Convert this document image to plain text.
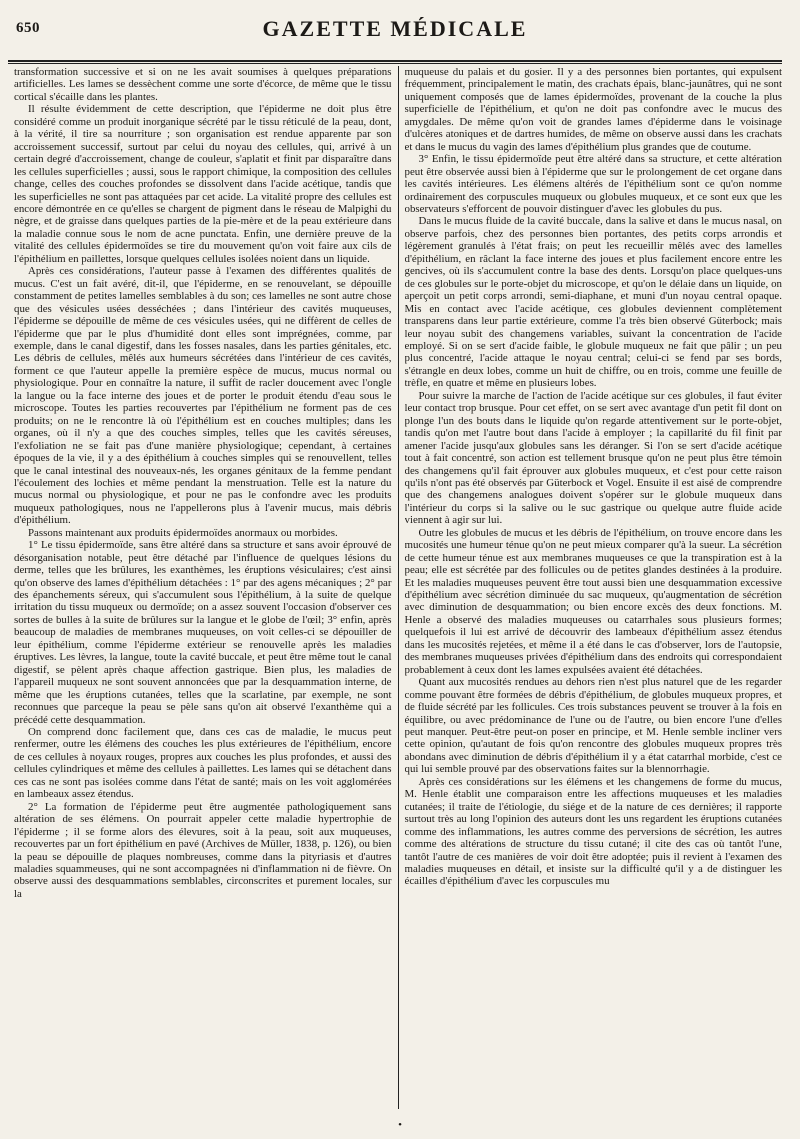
650	GAZETTE MÉDICALE

transformation successive et si on ne les avait soumises à quelques préparations artificielles. Les lames se dessèchent comme une sorte d'écorce, de même que le tissu cortical s'écaille dans les plantes.

Il résulte évidemment de cette description, que l'épiderme ne doit plus être considéré comme un produit inorganique sécrété par le tissu réticulé de la peau, dont, à la vérité, il tire sa nourriture ; son organisation est rendue apparente par son accroissement successif, surtout par celui du noyau des cellules, qui, arrivé à un certain degré d'accroissement, change de couleur, s'aplatit et finit par disparaître dans les cellules superficielles ; aussi, sous le rapport chimique, la composition des cellules change, celles des couches profondes se dissolvent dans l'acide acétique, tandis que les superficielles ne sont pas attaquées par cet acide. La vitalité propre des cellules est encore démontrée en ce qu'elles se chargent de pigment dans le réseau de Malpighi du nègre, et de graisse dans quelques parties de la pie-mère et de la peau extérieure dans la maladie connue sous le nom de acne punctata. Enfin, une dernière preuve de la vitalité des cellules épidermoïdes se tire du mouvement qu'on voit faire aux cils de l'épithélium en paillettes, lorsque quelques cellules isolées noient dans un liquide.

Après ces considérations, l'auteur passe à l'examen des différentes qualités de mucus. C'est un fait avéré, dit-il, que l'épiderme, en se renouvelant, se dépouille constamment de petites lamelles semblables à du son; ces lamelles ne sont autre chose que des vésicules usées desséchées ; dans l'intérieur des cavités muqueuses, l'épiderme se dépouille de même de ces vésicules usées, qui ne diffèrent de celles de l'épiderme que par le plus d'humidité dont elles sont imprégnées, comme, par exemple, dans le canal digestif, dans les fosses nasales, dans les parties génitales, etc. Les débris de cellules, mêlés aux humeurs sécrétées dans l'intérieur de ces cavités, forment ce que l'auteur appelle la première espèce de mucus, mucus normal ou physiologique. Pour en connaître la nature, il suffit de racler doucement avec l'ongle la langue ou la face interne des joues et de porter le produit étendu d'eau sous le microscope. Toutes les parties recouvertes par l'épithélium ne forment pas de ces produits; on ne le rencontre là où l'épithélium est en couches multiples; dans les organes, où il n'y a que des couches simples, telles que les cavités séreuses, l'exfoliation ne se fait pas d'une manière physiologique; cependant, à certaines époques de la vie, il y a des épithélium à couches simples qui se renouvellent, telles que le canal intestinal des nouveaux-nés, les organes génitaux de la femme pendant l'écoulement des lochies et même pendant la menstruation. Telle est la nature du mucus normal ou physiologique, et pour ne pas le confondre avec les produits muqueux pathologiques, nous ne l'appellerons plus à l'avenir mucus, mais débris d'épithélium.

Passons maintenant aux produits épidermoïdes anormaux ou morbides.

1° Le tissu épidermoïde, sans être altéré dans sa structure et sans avoir éprouvé de désorganisation notable, peut être détaché par l'influence de quelques lésions du derme, telles que les brûlures, les exanthèmes, les éruptions vésiculaires; c'est ainsi qu'on observe des lames d'épithélium détachées : 1° par des agens mécaniques ; 2° par des épanchements séreux, qui s'accumulent sous l'épithélium, à la suite de quelque irritation du tissu muqueux ou dermoïde; on a assez souvent l'occasion d'observer ces sortes de bulles à la suite de brûlures sur la langue et le globe de l'œil; 3° enfin, après beaucoup de maladies de membranes muqueuses, on voit celles-ci se dépouiller de leur épithélium, comme l'épiderme extérieur se renouvelle après les maladies éruptives. Les lèvres, la langue, toute la cavité buccale, et peut être même tout le canal digestif, se pèlent après chaque affection gastrique. Bien plus, les maladies de l'appareil muqueux ne sont souvent annoncées que par la desquammation interne, de même que les éruptions cutanées, telles que la scarlatine, par exemple, ne sont reconnues que parceque la peau se pèle sans qu'on ait observé l'exanthème qui a précédé cette desquammation.

On comprend donc facilement que, dans ces cas de maladie, le mucus peut renfermer, outre les élémens des couches les plus extérieures de l'épithélium, encore de ces cellules à noyaux rouges, propres aux couches les plus profondes, et aussi des cellules cylindriques et même des cellules à paillettes. Les lames qui se détachent dans ces cas ne sont pas isolées comme dans l'état de santé; mais on les voit agglomérées en lambeaux assez étendus.

2° La formation de l'épiderme peut être augmentée pathologiquement sans altération de ses élémens. On pourrait appeler cette maladie hypertrophie de l'épiderme ; il se forme alors des élevures, soit à la peau, soit aux muqueuses, recouvertes par un fort épithélium en pavé (Archives de Müller, 1838, p. 126), ou bien la peau se dépouille de plaques nombreuses, comme dans la pityriasis et d'autres maladies squammeuses, qui ne sont accompagnées ni d'inflammation ni de fièvre. On observe aussi des desquammations semblables, circonscrites et purement locales, sur la

muqueuse du palais et du gosier. Il y a des personnes bien portantes, qui expulsent fréquemment, principalement le matin, des crachats épais, blanc-jaunâtres, qui ne sont uniquement composés que de lames épidermoïdes, provenant de la couche la plus superficielle de l'épithélium, et qu'on ne doit pas confondre avec le mucus des amygdales. De même qu'on voit de grandes lames d'épiderme dans le voisinage d'ulcères atoniques et de dartres humides, de même on observe aussi dans les crachats et dans le mucus du vagin des lames d'épithélium plus grandes que de coutume.

3° Enfin, le tissu épidermoïde peut être altéré dans sa structure, et cette altération peut être observée aussi bien à l'épiderme que sur le prolongement de cet organe dans les cavités intérieures. Les élémens altérés de l'épithélium sont ce qu'on nomme ordinairement des corpuscules muqueux ou globules muqueux, et ce sont eux que les observateurs s'efforcent de pouvoir distinguer d'avec les globules du pus.

Dans le mucus fluide de la cavité buccale, dans la salive et dans le mucus nasal, on observe parfois, chez des personnes bien portantes, des petits corps arrondis et légèrement granulés à l'état frais; on peut les recueillir mêlés avec des lamelles d'épithélium, en râclant la face interne des joues et plus facilement encore entre les gencives, où ils s'accumulent contre la base des dents. Lorsqu'on place quelques-uns de ces globules sur le porte-objet du microscope, et qu'on le délaie dans un liquide, on aperçoit un petit corps arrondi, semi-diaphane, et muni d'un noyau central opaque. Mis en contact avec l'acide acétique, ces globules deviennent complètement transparens dans leur partie extérieure, comme l'a très bien observé Güterbock; mais leur noyau subit des changemens variables, suivant la concentration de l'acide employé. Si on se sert d'acide faible, le globule muqueux ne fait que pâlir ; un peu plus concentré, l'acide attaque le noyau central; celui-ci se fend par ses bords, s'étrangle en deux lobes, comme un huit de chiffre, ou en trois, comme une feuille de trèfle, en quatre et même en plusieurs lobes.

Pour suivre la marche de l'action de l'acide acétique sur ces globules, il faut éviter leur contact trop brusque. Pour cet effet, on se sert avec avantage d'un petit fil dont on plonge l'un des bouts dans le liquide qu'on regarde attentivement sur le porte-objet, tandis qu'on met l'autre bout dans l'acide à employer ; la capillarité du fil finit par amener l'acide jusqu'aux globules sans les déranger. Si l'on se sert d'acide acétique tout à fait concentré, son action est tellement brusque qu'on ne peut plus être témoin des changemens qu'il fait éprouver aux globules muqueux, et c'est pour cette raison qu'ils n'ont pas été observés par Güterbock et Vogel. Ensuite il est aisé de comprendre que des changemens analogues doivent s'opérer sur le globule muqueux dans l'intérieur du corps si la salive ou le suc gastrique ou quelque autre fluide acide viennent à agir sur lui.

Outre les globules de mucus et les débris de l'épithélium, on trouve encore dans les mucosités une humeur ténue qu'on ne peut mieux comparer qu'à la sueur. La sécrétion de cette humeur ténue est aux membranes muqueuses ce que la transpiration est à la peau; elle est sécrétée par des follicules ou de petites glandes destinées à la produire. Et les maladies muqueuses peuvent être tout aussi bien une desquammation excessive d'épithélium avec sécrétion diminuée du sac muqueux, qu'augmentation de sécrétion avec diminution de desquammation; ou bien encore excès des deux fonctions. M. Henle a observé des maladies muqueuses ou catarrhales sous plusieurs formes; quelquefois il lui est arrivé de découvrir des lambeaux d'épithélium assez étendus dans les mucosités rejetées, et même il a été dans le cas d'observer, lors de l'autopsie, des membranes muqueuses privées d'épithélium dans des endroits qui correspondaient probablement à ceux dont les lames expulsées avaient été détachées.

Quant aux mucosités rendues au dehors rien n'est plus naturel que de les regarder comme pouvant être formées de débris d'épithélium, de globules muqueux propres, et de fluide sécrété par les follicules. Ces trois substances peuvent se trouver à la fois en équilibre, ou avec prédominance de l'une ou de l'autre, ou bien encore l'une d'elles peut manquer. Peut-être peut-on poser en principe, et M. Henle semble incliner vers cette opinion, qu'autant de fois qu'on rencontre des globules muqueux propres très abondans avec diminution de débris d'épithélium il y a état catarrhal morbide, c'est ce qui lui semble prouvé par des observations faites sur la blennorrhagie.

Après ces considérations sur les élémens et les changemens de forme du mucus, M. Henle établit une comparaison entre les affections muqueuses et les maladies cutanées; il traite de l'étiologie, du siége et de la nature de ces dernières; il rapporte surtout très au long l'opinion des auteurs dont les uns regardent les éruptions cutanées comme des inflammations, les autres comme des perversions de sécrétion, les autres comme des altérations de structure du tissu cutané; il cite des cas où tantôt l'une, tantôt l'autre de ces manières de voir doit être adoptée; puis il revient à l'examen des maladies muqueuses en détail, et insiste sur la difficulté qu'il y a de distinguer les écailles d'épithélium d'avec les corpuscules mu

•
